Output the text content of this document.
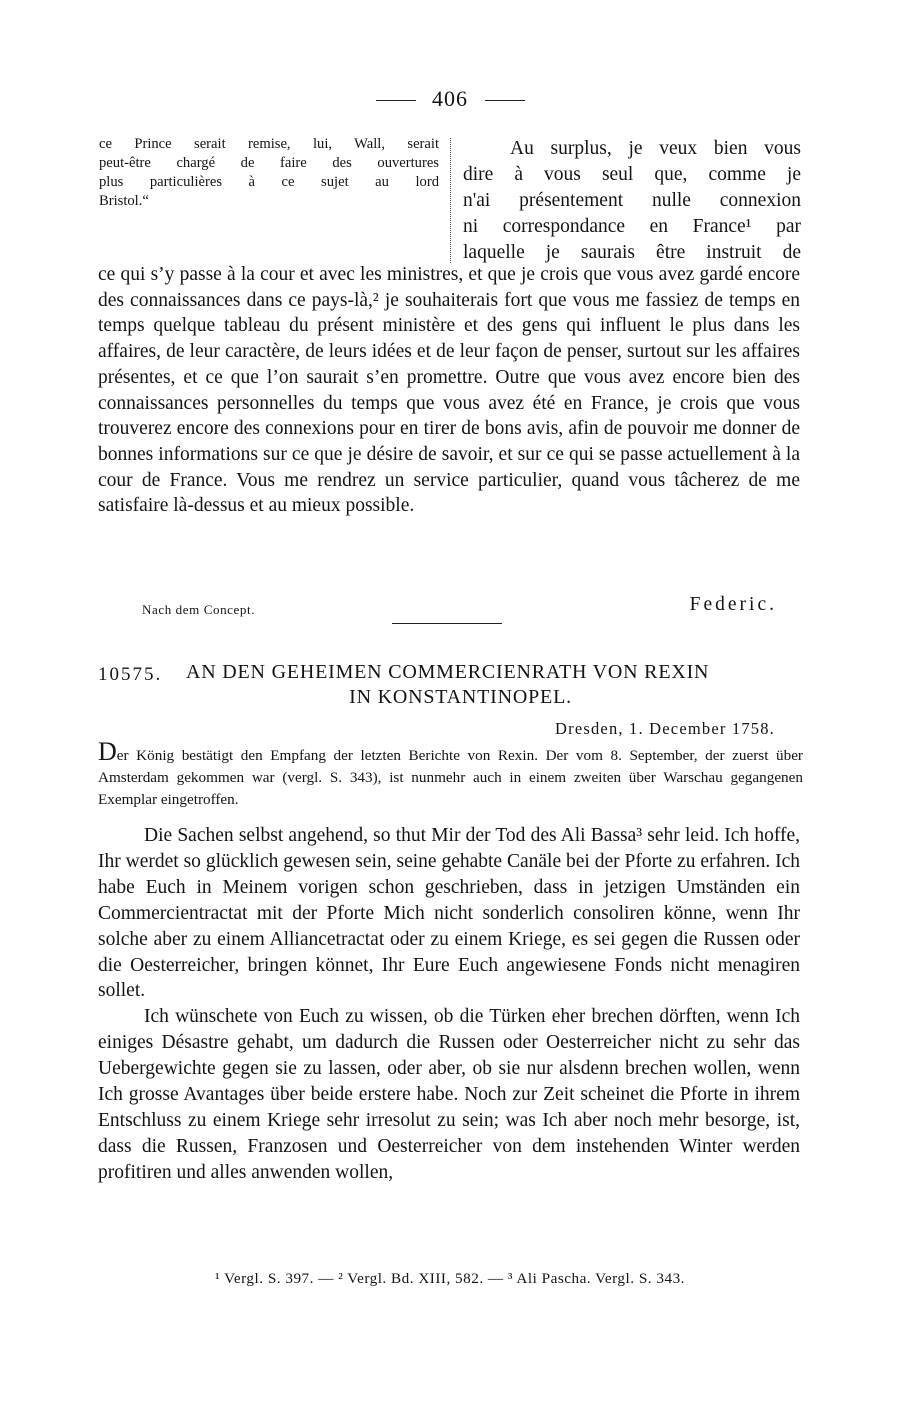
406
ce Prince serait remise, lui, Wall, serait
peut-être chargé de faire des ouvertures
plus particulières à ce sujet au lord
Bristol.“
Au surplus, je veux bien vous
dire à vous seul que, comme je
n'ai présentement nulle connexion
ni correspondance en France¹ par
laquelle je saurais être instruit de
ce qui s’y passe à la cour et avec les ministres, et que je crois que vous avez gardé encore des connaissances dans ce pays-là,² je souhaiterais fort que vous me fassiez de temps en temps quelque tableau du présent ministère et des gens qui influent le plus dans les affaires, de leur caractère, de leurs idées et de leur façon de penser, surtout sur les affaires présentes, et ce que l’on saurait s’en promettre. Outre que vous avez encore bien des connaissances personnelles du temps que vous avez été en France, je crois que vous trouverez encore des connexions pour en tirer de bons avis, afin de pouvoir me donner de bonnes informations sur ce que je désire de savoir, et sur ce qui se passe actuellement à la cour de France. Vous me rendrez un service particulier, quand vous tâcherez de me satisfaire là-dessus et au mieux possible.
Nach dem Concept.	Federic.
10575. AN DEN GEHEIMEN COMMERCIENRATH VON REXIN
IN KONSTANTINOPEL.
Dresden, 1. December 1758.
Der König bestätigt den Empfang der letzten Berichte von Rexin. Der vom 8. September, der zuerst über Amsterdam gekommen war (vergl. S. 343), ist nunmehr auch in einem zweiten über Warschau gegangenen Exemplar eingetroffen.

Die Sachen selbst angehend, so thut Mir der Tod des Ali Bassa³ sehr leid. Ich hoffe, Ihr werdet so glücklich gewesen sein, seine gehabte Canäle bei der Pforte zu erfahren. Ich habe Euch in Meinem vorigen schon geschrieben, dass in jetzigen Umständen ein Commercientractat mit der Pforte Mich nicht sonderlich consoliren könne, wenn Ihr solche aber zu einem Alliancetractat oder zu einem Kriege, es sei gegen die Russen oder die Oesterreicher, bringen könnet, Ihr Eure Euch angewiesene Fonds nicht menagiren sollet.

Ich wünschete von Euch zu wissen, ob die Türken eher brechen dörften, wenn Ich einiges Désastre gehabt, um dadurch die Russen oder Oesterreicher nicht zu sehr das Uebergewichte gegen sie zu lassen, oder aber, ob sie nur alsdenn brechen wollen, wenn Ich grosse Avantages über beide erstere habe. Noch zur Zeit scheinet die Pforte in ihrem Entschluss zu einem Kriege sehr irresolut zu sein; was Ich aber noch mehr besorge, ist, dass die Russen, Franzosen und Oesterreicher von dem instehenden Winter werden profitiren und alles anwenden wollen,

¹ Vergl. S. 397. — ² Vergl. Bd. XIII, 582. — ³ Ali Pascha. Vergl. S. 343.
